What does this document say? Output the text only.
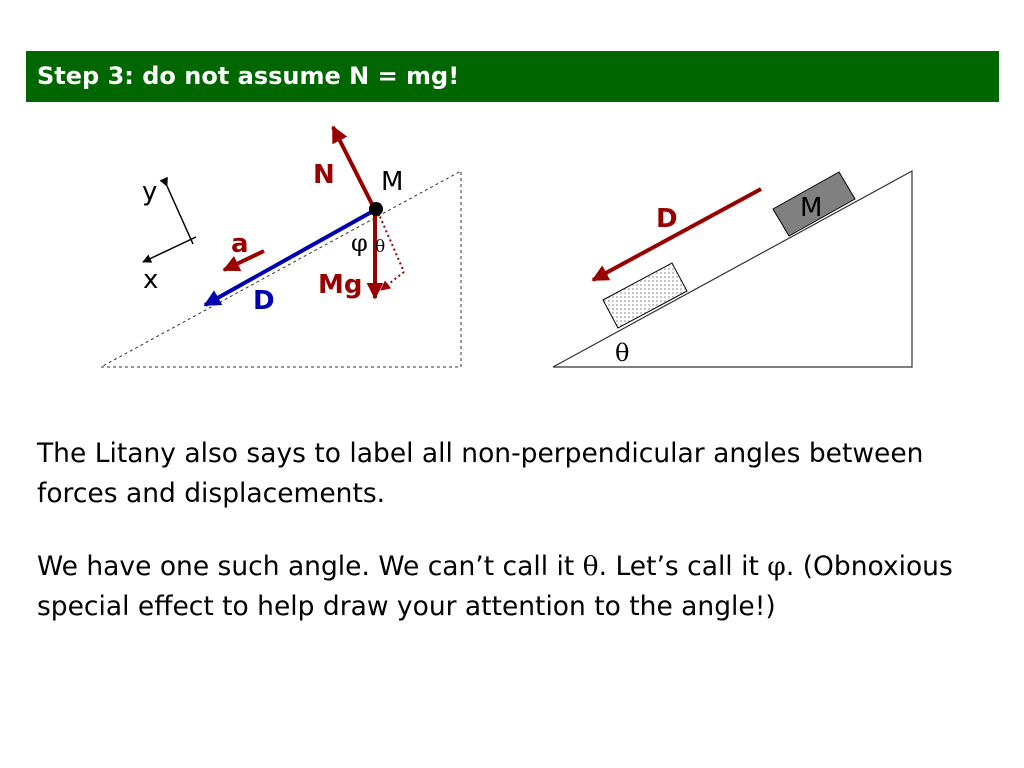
Step 3: do not assume N = mg!
y
x
a
D
N
Mg
M
φ θ
M
D
θ

The Litany also says to label all non-perpendicular angles between forces and displacements.

We have one such angle. We can’t call it θ. Let’s call it φ. (Obnoxious special effect to help draw your attention to the angle!)
